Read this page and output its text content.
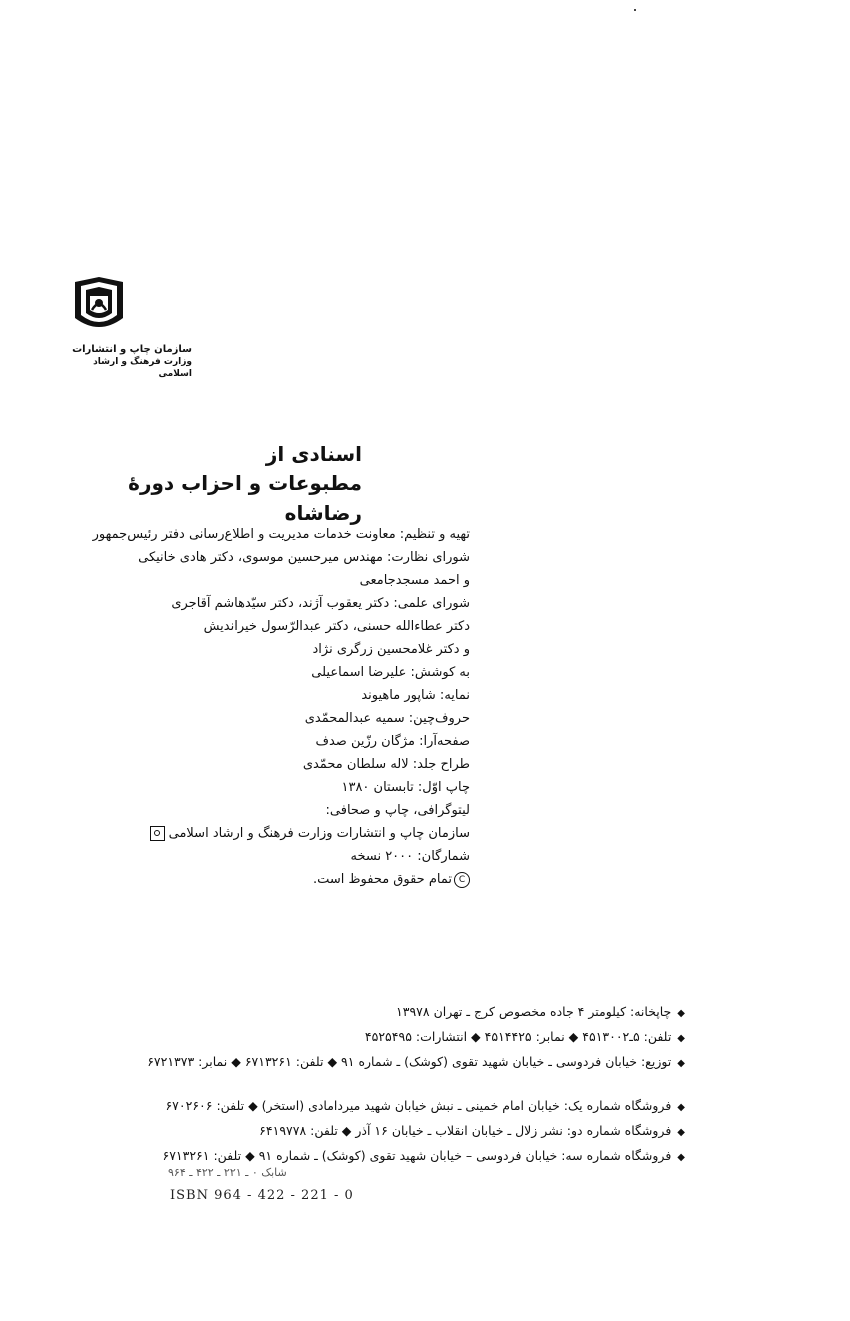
سازمان چاپ و انتشارات
وزارت فرهنگ و ارشاد اسلامی
اسنادی از
مطبوعات و احزاب دورهٔ رضاشاه
تهیه و تنظیم: معاونت خدمات مدیریت و اطلاع‌رسانی دفتر رئیس‌جمهور
شورای نظارت: مهندس میرحسین موسوی، دکتر هادی خانیکی
و احمد مسجدجامعی
شورای علمی: دکتر یعقوب آژند، دکتر سیّدهاشم آقاجری
دکتر عطاءالله حسنی، دکتر عبدالرّسول خیراندیش
و دکتر غلامحسین زرگری نژاد
به کوشش: علیرضا اسماعیلی
نمایه: شاپور ماهیوند
حروف‌چین: سمیه عبدالمحمّدی
صفحه‌آرا: مژگان رزّین صدف
طراح جلد: لاله سلطان محمّدی
چاپ اوّل: تابستان ۱۳۸۰
لیتوگرافی، چاپ و صحافی:
سازمان چاپ و انتشارات وزارت فرهنگ و ارشاد اسلامی
شمارگان: ۲۰۰۰ نسخه
Cتمام حقوق محفوظ است.
◆چاپخانه: کیلومتر ۴ جاده مخصوص کرج ـ تهران ۱۳۹۷۸
◆تلفن: ۵ـ۴۵۱۳۰۰۲ ◆ نمابر: ۴۵۱۴۴۲۵ ◆ انتشارات: ۴۵۲۵۴۹۵
◆توزیع: خیابان فردوسی ـ خیابان شهید تقوی (کوشک) ـ شماره ۹۱ ◆ تلفن: ۶۷۱۳۲۶۱ ◆ نمابر: ۶۷۲۱۳۷۳
◆فروشگاه شماره یک: خیابان امام خمینی ـ نبش خیابان شهید میردامادی (استخر) ◆ تلفن: ۶۷۰۲۶۰۶
◆فروشگاه شماره دو: نشر زلال ـ خیابان انقلاب ـ خیابان ۱۶ آذر ◆ تلفن: ۶۴۱۹۷۷۸
◆فروشگاه شماره سه: خیابان فردوسی – خیابان شهید تقوی (کوشک) ـ شماره ۹۱ ◆ تلفن: ۶۷۱۳۲۶۱
شابک ۰ ـ ۲۲۱ ـ ۴۲۲ ـ ۹۶۴
ISBN 964 - 422 - 221 - 0
